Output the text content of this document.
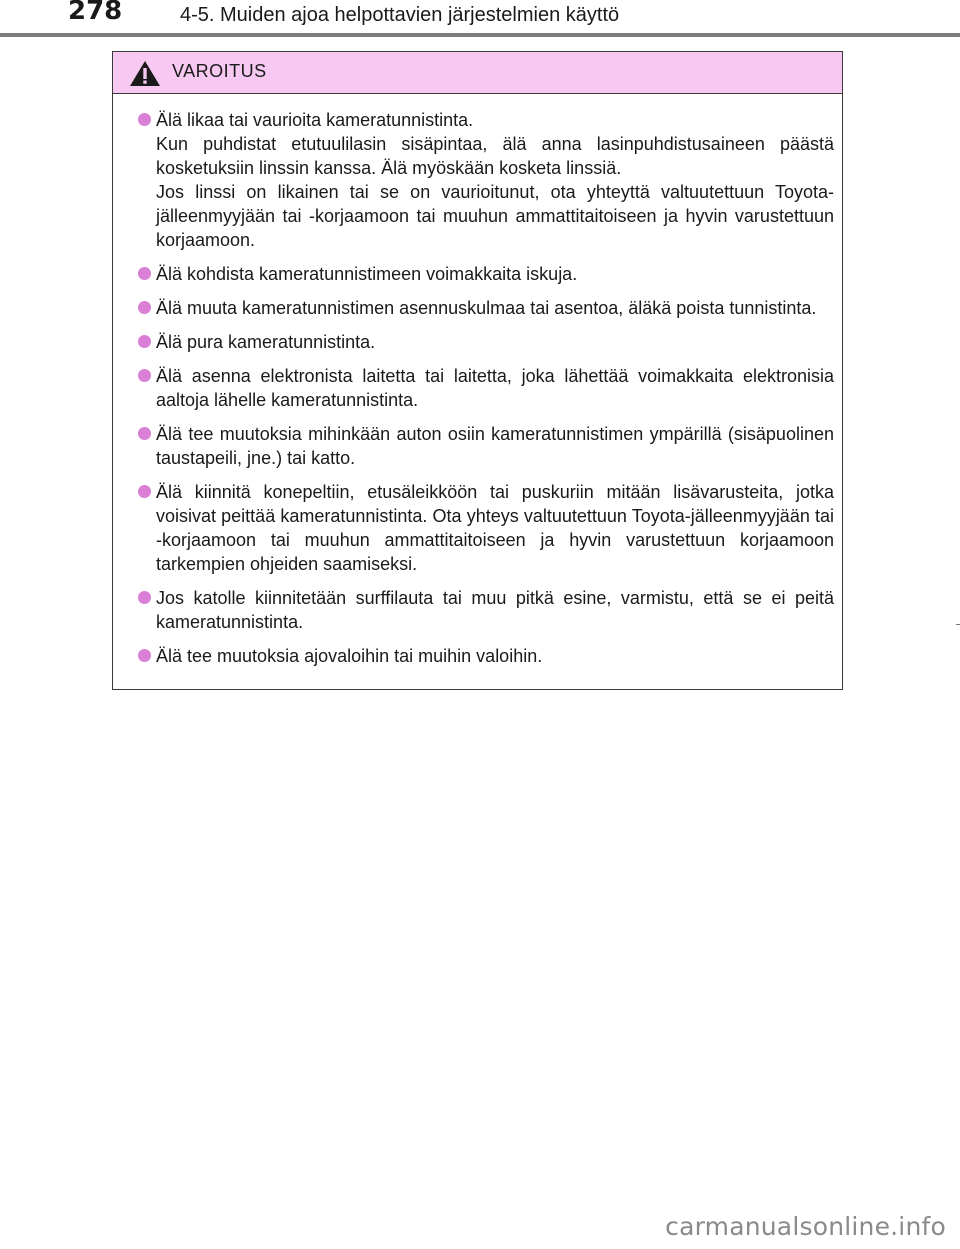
278	4-5. Muiden ajoa helpottavien järjestelmien käyttö
VAROITUS
Älä likaa tai vaurioita kameratunnistinta.
Kun puhdistat etutuulilasin sisäpintaa, älä anna lasinpuhdistusaineen päästä kosketuksiin linssin kanssa. Älä myöskään kosketa linssiä.
Jos linssi on likainen tai se on vaurioitunut, ota yhteyttä valtuutettuun Toyota-jälleenmyyjään tai -korjaamoon tai muuhun ammattitaitoiseen ja hyvin varustettuun korjaamoon.
Älä kohdista kameratunnistimeen voimakkaita iskuja.
Älä muuta kameratunnistimen asennuskulmaa tai asentoa, äläkä poista tunnistinta.
Älä pura kameratunnistinta.
Älä asenna elektronista laitetta tai laitetta, joka lähettää voimakkaita elektronisia aaltoja lähelle kameratunnistinta.
Älä tee muutoksia mihinkään auton osiin kameratunnistimen ympärillä (sisäpuolinen taustapeili, jne.) tai katto.
Älä kiinnitä konepeltiin, etusäleikköön tai puskuriin mitään lisävarusteita, jotka voisivat peittää kameratunnistinta. Ota yhteys valtuutettuun Toyota-jälleenmyyjään tai -korjaamoon tai muuhun ammattitaitoiseen ja hyvin varustettuun korjaamoon tarkempien ohjeiden saamiseksi.
Jos katolle kiinnitetään surffilauta tai muu pitkä esine, varmistu, että se ei peitä kameratunnistinta.
Älä tee muutoksia ajovaloihin tai muihin valoihin.
carmanualsonline.info
